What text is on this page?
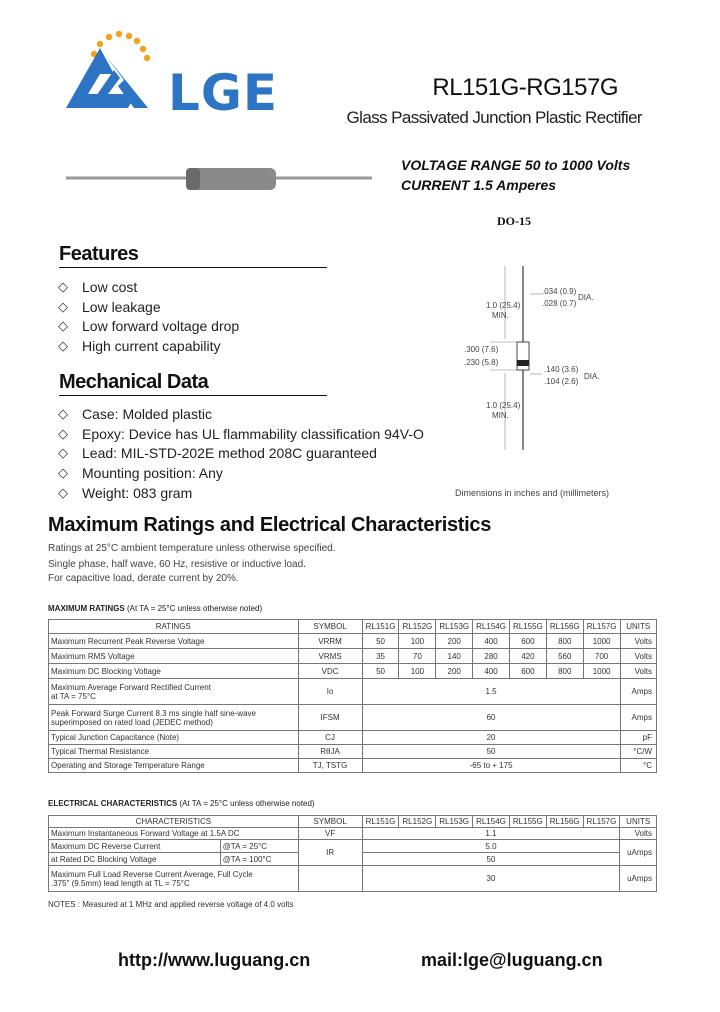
LGE	RL151G-RG157G
Glass Passivated Junction Plastic Rectifier
VOLTAGE RANGE 50 to 1000 Volts
CURRENT 1.5 Amperes
DO-15
1.0 (25.4)
MIN.
.034 (0.9)
.028 (0.7)
DIA.
.300 (7.6)
.230 (5.8)
.140 (3.6)
.104 (2.6)
DIA.
1.0 (25.4)
MIN.
Dimensions in inches and (millimeters)
Features
◇	Low cost
◇	Low leakage
◇	Low forward voltage drop
◇	High current capability
Mechanical Data
◇	Case: Molded plastic
◇	Epoxy: Device has UL flammability classification 94V-O
◇	Lead: MIL-STD-202E method 208C guaranteed
◇	Mounting position: Any
◇	Weight: 083 gram
Maximum Ratings and Electrical Characteristics
Ratings at 25°C ambient temperature unless otherwise specified.
Single phase, half wave, 60 Hz, resistive or inductive load.
For capacitive load, derate current by 20%.
MAXIMUM RATINGS (At TA = 25°C unless otherwise noted)
RATINGS	SYMBOL	RL151G	RL152G	RL153G	RL154G	RL155G	RL156G	RL157G	UNITS
Maximum Recurrent Peak Reverse Voltage	VRRM	50	100	200	400	600	800	1000	Volts
Maximum RMS Voltage	VRMS	35	70	140	280	420	560	700	Volts
Maximum DC Blocking Voltage	VDC	50	100	200	400	600	800	1000	Volts

Maximum Average Forward Rectified Current
at TA = 75°C	Io	1.5							Amps

Peak Forward Surge Current 8.3 ms single half sine-wave
superimposed on rated load (JEDEC method)	IFSM	60							Amps
Typical Junction Capacitance (Note)	CJ	20							pF
Typical Thermal Resistance	RθJA	50							°C/W
Operating and Storage Temperature Range	TJ, TSTG	-65 to + 175							°C
ELECTRICAL CHARACTERISTICS (At TA = 25°C unless otherwise noted)
CHARACTERISTICS		SYMBOL	RL151G	RL152G	RL153G	RL154G	RL155G	RL156G	RL157G	UNITS
Maximum Instantaneous Forward Voltage at 1.5A DC		VF	1.1							Volts
Maximum DC Reverse Current	@TA = 25°C	IR	5.0							uAmps
at Rated DC Blocking Voltage	@TA = 100°C		50							

Maximum Full Load Reverse Current Average, Full Cycle
.375" (9.5mm) lead length at TL = 75°C			30							uAmps
NOTES : Measured at 1 MHz and applied reverse voltage of 4.0 volts
http://www.luguang.cn	mail:lge@luguang.cn
